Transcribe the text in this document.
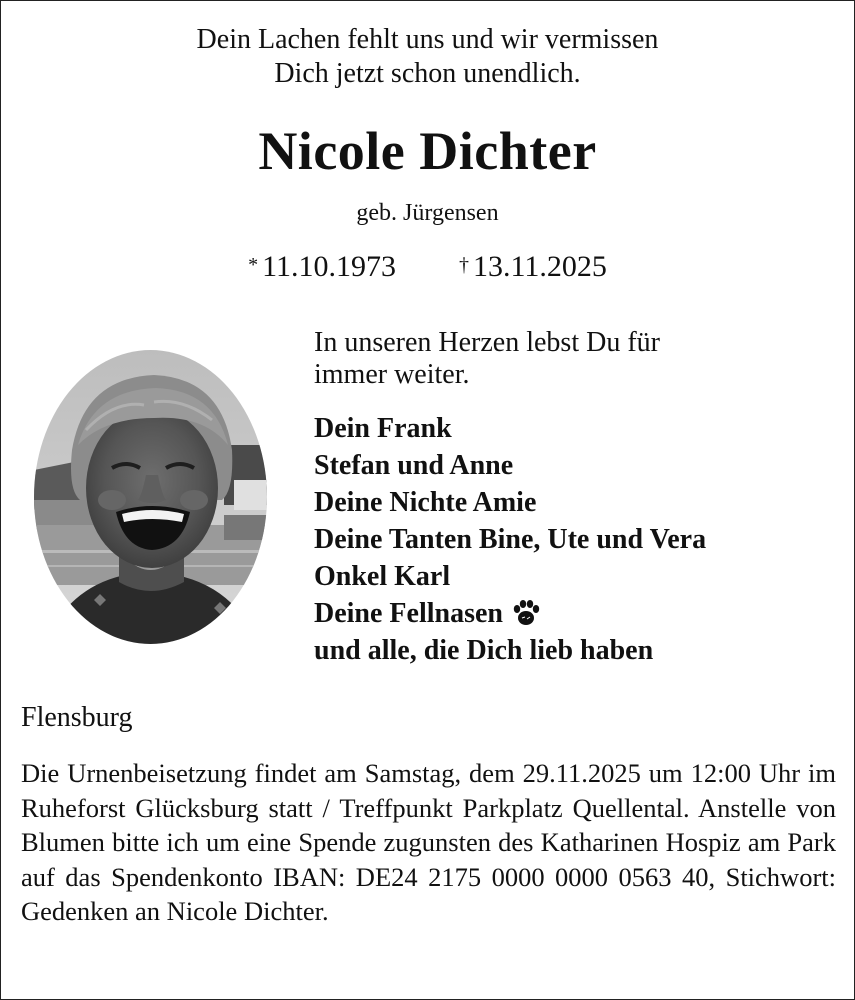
Dein Lachen fehlt uns und wir vermissen
Dich jetzt schon unendlich.
Nicole Dichter
geb. Jürgensen
* 11.10.1973	† 13.11.2025
In unseren Herzen lebst Du für
immer weiter.
Dein Frank
Stefan und Anne
Deine Nichte Amie
Deine Tanten Bine, Ute und Vera
Onkel Karl
Deine Fellnasen
und alle, die Dich lieb haben
Flensburg
Die Urnenbeisetzung findet am Samstag, dem 29.11.2025 um 12:00 Uhr im Ruheforst Glücksburg statt / Treffpunkt Parkplatz Quellental. Anstelle von Blumen bitte ich um eine Spende zugunsten des Katharinen Hospiz am Park auf das Spendenkonto IBAN: DE24 2175 0000 0000 0563 40, Stichwort: Gedenken an Nicole Dichter.
